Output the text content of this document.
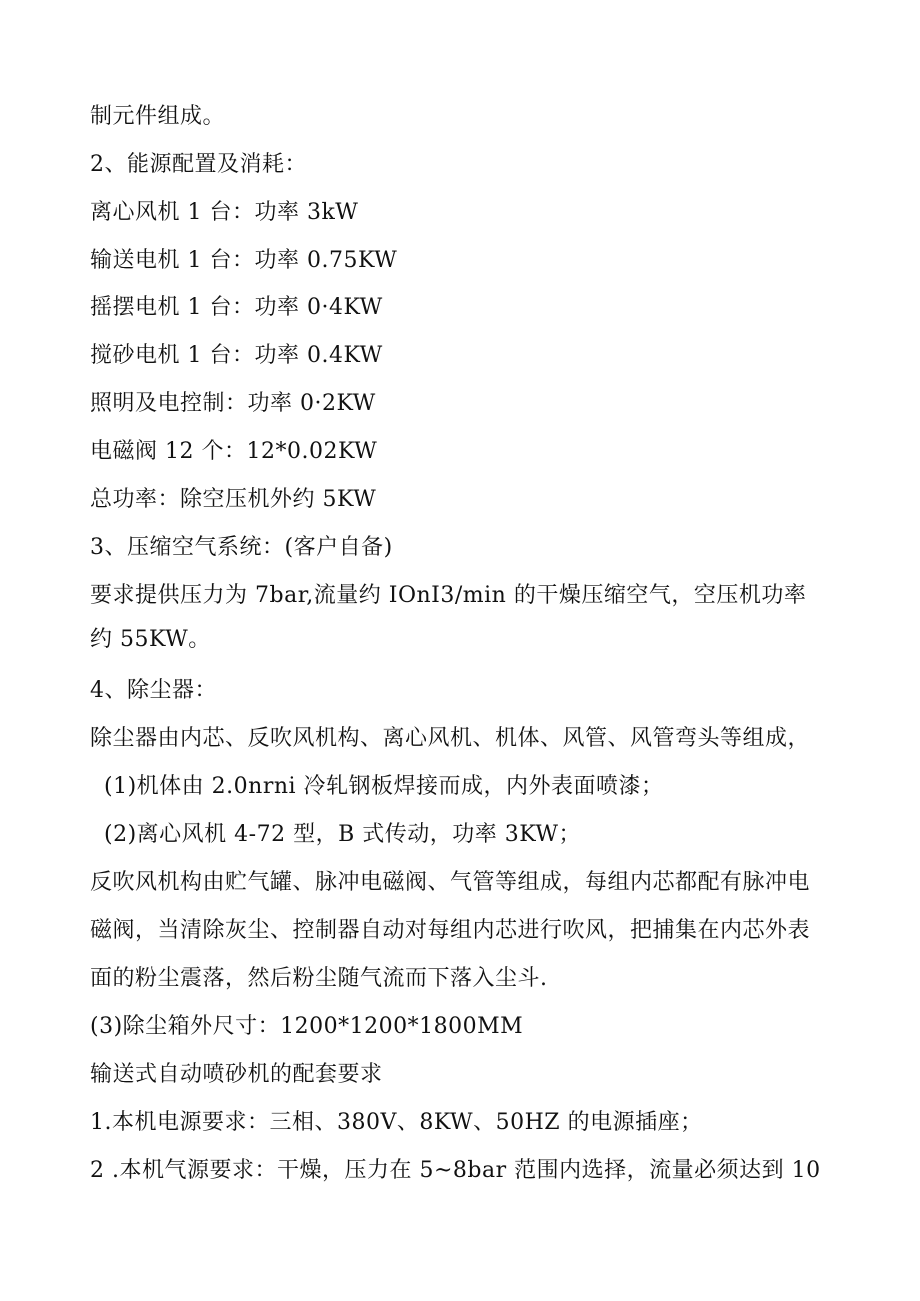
制元件组成。
2、能源配置及消耗：
离心风机 1 台：功率 3kW
输送电机 1 台：功率 0.75KW
摇摆电机 1 台：功率 0·4KW
搅砂电机 1 台：功率 0.4KW
照明及电控制：功率 0·2KW
电磁阀 12 个：12*0.02KW
总功率：除空压机外约 5KW
3、压缩空气系统：(客户自备)
要求提供压力为 7bar,流量约 IOnI3/min 的干燥压缩空气，空压机功率
约 55KW。
4、除尘器：
除尘器由内芯、反吹风机构、离心风机、机体、风管、风管弯头等组成，
(1)机体由 2.0nrni 冷轧钢板焊接而成，内外表面喷漆；
(2)离心风机 4-72 型，B 式传动，功率 3KW；
反吹风机构由贮气罐、脉冲电磁阀、气管等组成，每组内芯都配有脉冲电
磁阀，当清除灰尘、控制器自动对每组内芯进行吹风，把捕集在内芯外表
面的粉尘震落，然后粉尘随气流而下落入尘斗.
(3)除尘箱外尺寸：1200*1200*1800MM
输送式自动喷砂机的配套要求
1.本机电源要求：三相、380V、8KW、50HZ 的电源插座；
2 .本机气源要求：干燥，压力在 5~8bar 范围内选择，流量必须达到 10
